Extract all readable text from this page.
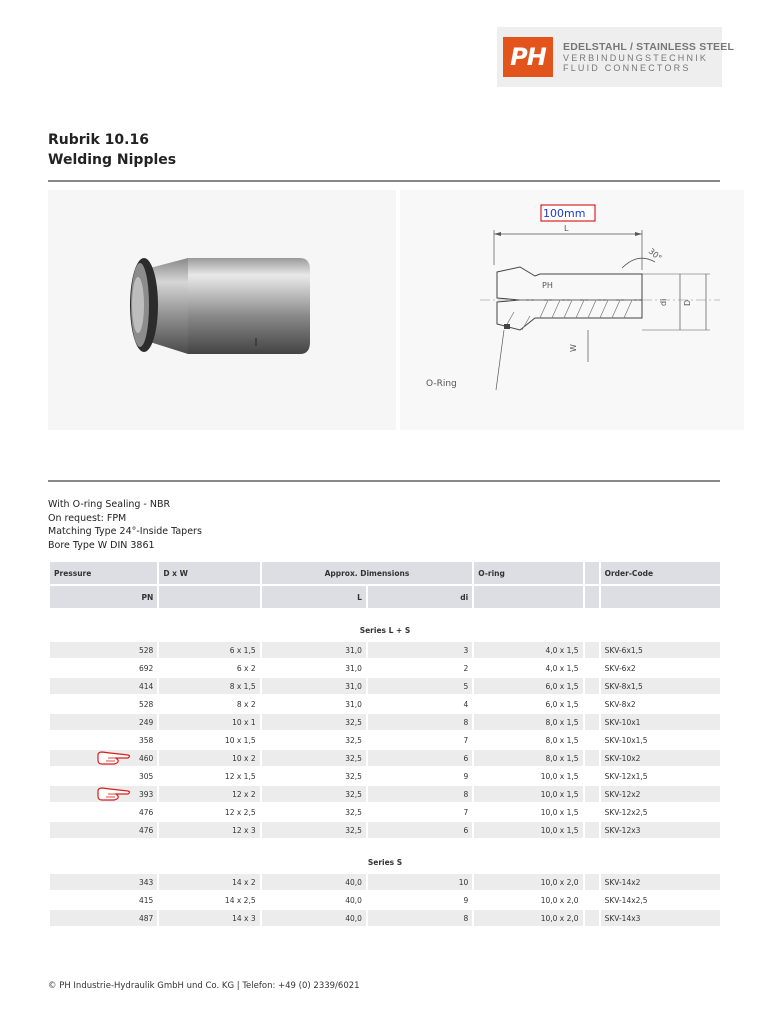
PH	EDELSTAHL / STAINLESS STEEL
VERBINDUNGSTECHNIK
FLUID CONNECTORS
Rubrik 10.16
Welding Nipples
100mm
L
PH
30°
D
di
W
O-Ring
With O-ring Sealing - NBR
On request: FPM
Matching Type 24°-Inside Tapers
Bore Type W DIN 3861
Pressure	D x W	Approx. Dimensions		O-ring		Order-Code
PN		L	di			

Series L + S						
528	6 x 1,5	31,0	3	4,0 x 1,5		SKV-6x1,5
692	6 x 2	31,0	2	4,0 x 1,5		SKV-6x2
414	8 x 1,5	31,0	5	6,0 x 1,5		SKV-8x1,5
528	8 x 2	31,0	4	6,0 x 1,5		SKV-8x2
249	10 x 1	32,5	8	8,0 x 1,5		SKV-10x1
358	10 x 1,5	32,5	7	8,0 x 1,5		SKV-10x1,5
460	10 x 2	32,5	6	8,0 x 1,5		SKV-10x2
305	12 x 1,5	32,5	9	10,0 x 1,5		SKV-12x1,5
393	12 x 2	32,5	8	10,0 x 1,5		SKV-12x2
476	12 x 2,5	32,5	7	10,0 x 1,5		SKV-12x2,5
476	12 x 3	32,5	6	10,0 x 1,5		SKV-12x3

Series S						
343	14 x 2	40,0	10	10,0 x 2,0		SKV-14x2
415	14 x 2,5	40,0	9	10,0 x 2,0		SKV-14x2,5
487	14 x 3	40,0	8	10,0 x 2,0		SKV-14x3
© PH Industrie-Hydraulik GmbH und Co. KG | Telefon: +49 (0) 2339/6021
